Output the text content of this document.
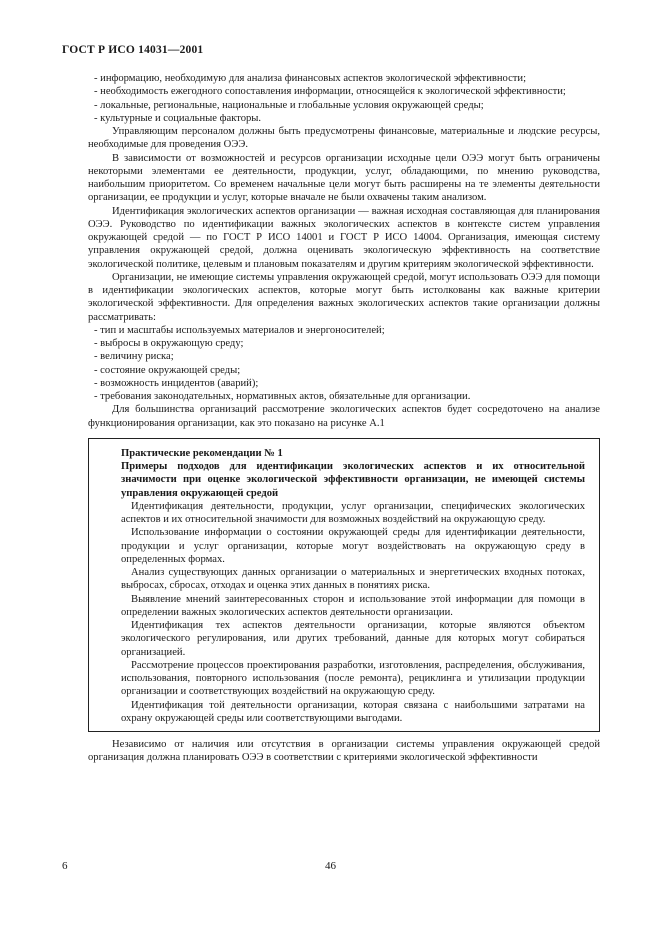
ГОСТ Р ИСО 14031—2001

- информацию, необходимую для анализа финансовых аспектов экологической эффективности;

- необходимость ежегодного сопоставления информации, относящейся к экологической эффективности;

- локальные, региональные, национальные и глобальные условия окружающей среды;

- культурные и социальные факторы.

Управляющим персоналом должны быть предусмотрены финансовые, материальные и людские ресурсы, необходимые для проведения ОЭЭ.

В зависимости от возможностей и ресурсов организации исходные цели ОЭЭ могут быть ограничены некоторыми элементами ее деятельности, продукции, услуг, обладающими, по мнению руководства, наибольшим приоритетом. Со временем начальные цели могут быть расширены на те элементы деятельности организации, ее продукции и услуг, которые вначале не были охвачены таким анализом.

Идентификация экологических аспектов организации — важная исходная составляющая для планирования ОЭЭ. Руководство по идентификации важных экологических аспектов в контексте систем управления окружающей средой — по ГОСТ Р ИСО 14001 и ГОСТ Р ИСО 14004. Организация, имеющая систему управления окружающей средой, должна оценивать экологическую эффективность на соответствие экологической политике, целевым и плановым показателям и другим критериям экологической эффективности.

Организации, не имеющие системы управления окружающей средой, могут использовать ОЭЭ для помощи в идентификации экологических аспектов, которые могут быть истолкованы как важные критерии экологической эффективности. Для определения важных экологических аспектов такие организации должны рассматривать:

- тип и масштабы используемых материалов и энергоносителей;

- выбросы в окружающую среду;

- величину риска;

- состояние окружающей среды;

- возможность инцидентов (аварий);

- требования законодательных, нормативных актов, обязательные для организации.

Для большинства организаций рассмотрение экологических аспектов будет сосредоточено на анализе функционирования организации, как это показано на рисунке А.1

Практические рекомендации № 1

Примеры подходов для идентификации экологических аспектов и их относительной значимости при оценке экологической эффективности организации, не имеющей системы управления окружающей средой

Идентификация деятельности, продукции, услуг организации, специфических экологических аспектов и их относительной значимости для возможных воздействий на окружающую среду.

Использование информации о состоянии окружающей среды для идентификации деятельности, продукции и услуг организации, которые могут воздействовать на окружающую среду в определенных формах.

Анализ существующих данных организации о материальных и энергетических входных потоках, выбросах, сбросах, отходах и оценка этих данных в понятиях риска.

Выявление мнений заинтересованных сторон и использование этой информации для помощи в определении важных экологических аспектов деятельности организации.

Идентификация тех аспектов деятельности организации, которые являются объектом экологического регулирования, или других требований, данные для которых могут собираться организацией.

Рассмотрение процессов проектирования разработки, изготовления, распределения, обслуживания, использования, повторного использования (после ремонта), рециклинга и утилизации продукции организации и соответствующих воздействий на окружающую среду.

Идентификация той деятельности организации, которая связана с наибольшими затратами на охрану окружающей среды или соответствующими выгодами.

Независимо от наличия или отсутствия в организации системы управления окружающей средой организация должна планировать ОЭЭ в соответствии с критериями экологической эффективности

6	46
